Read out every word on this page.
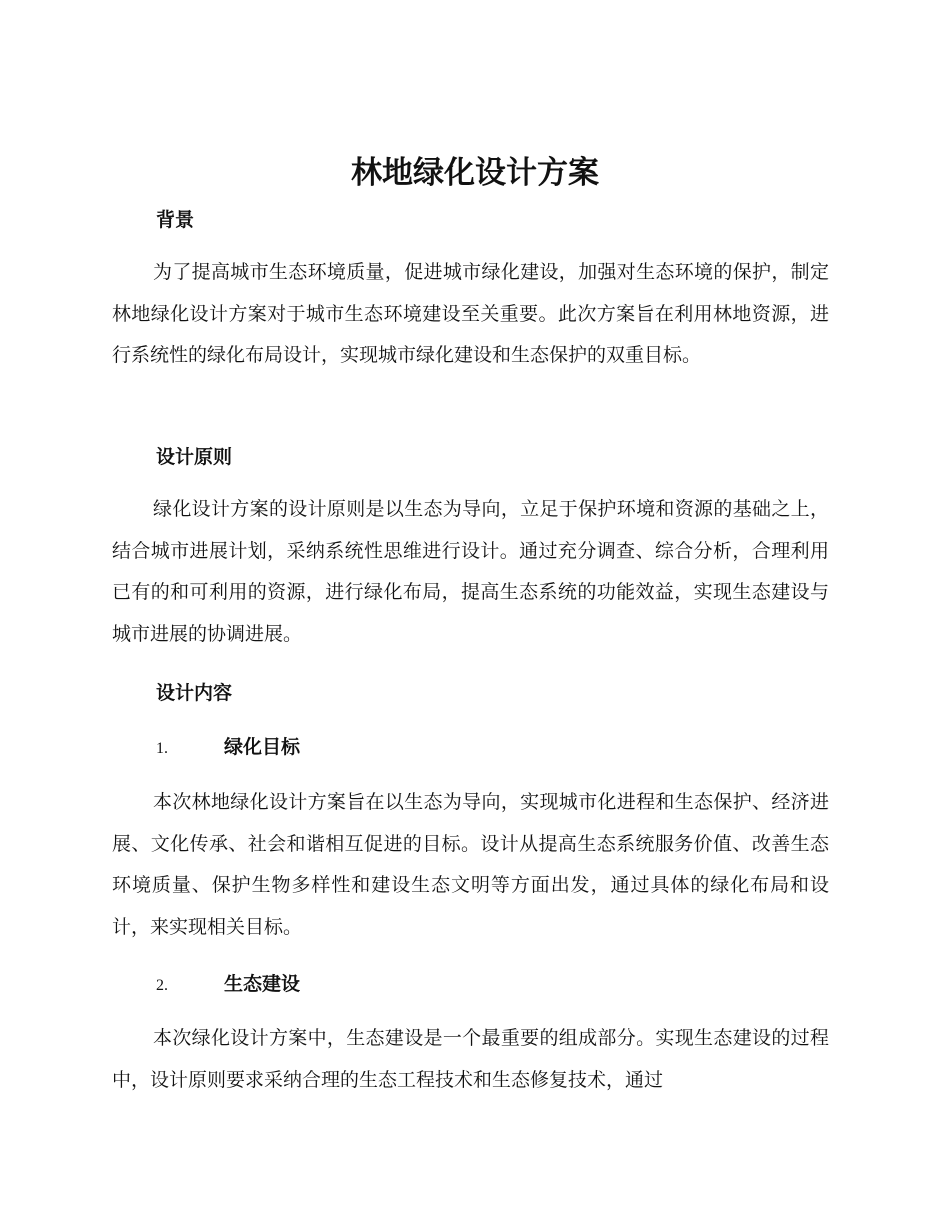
林地绿化设计方案
背景

为了提高城市生态环境质量，促进城市绿化建设，加强对生态环境的保护，制定林地绿化设计方案对于城市生态环境建设至关重要。此次方案旨在利用林地资源，进行系统性的绿化布局设计，实现城市绿化建设和生态保护的双重目标。

设计原则

绿化设计方案的设计原则是以生态为导向，立足于保护环境和资源的基础之上，结合城市进展计划，采纳系统性思维进行设计。通过充分调查、综合分析，合理利用已有的和可利用的资源，进行绿化布局，提高生态系统的功能效益，实现生态建设与城市进展的协调进展。

设计内容
1.	绿化目标

本次林地绿化设计方案旨在以生态为导向，实现城市化进程和生态保护、经济进展、文化传承、社会和谐相互促进的目标。设计从提高生态系统服务价值、改善生态环境质量、保护生物多样性和建设生态文明等方面出发，通过具体的绿化布局和设计，来实现相关目标。

2.	生态建设

本次绿化设计方案中，生态建设是一个最重要的组成部分。实现生态建设的过程中，设计原则要求采纳合理的生态工程技术和生态修复技术，通过
